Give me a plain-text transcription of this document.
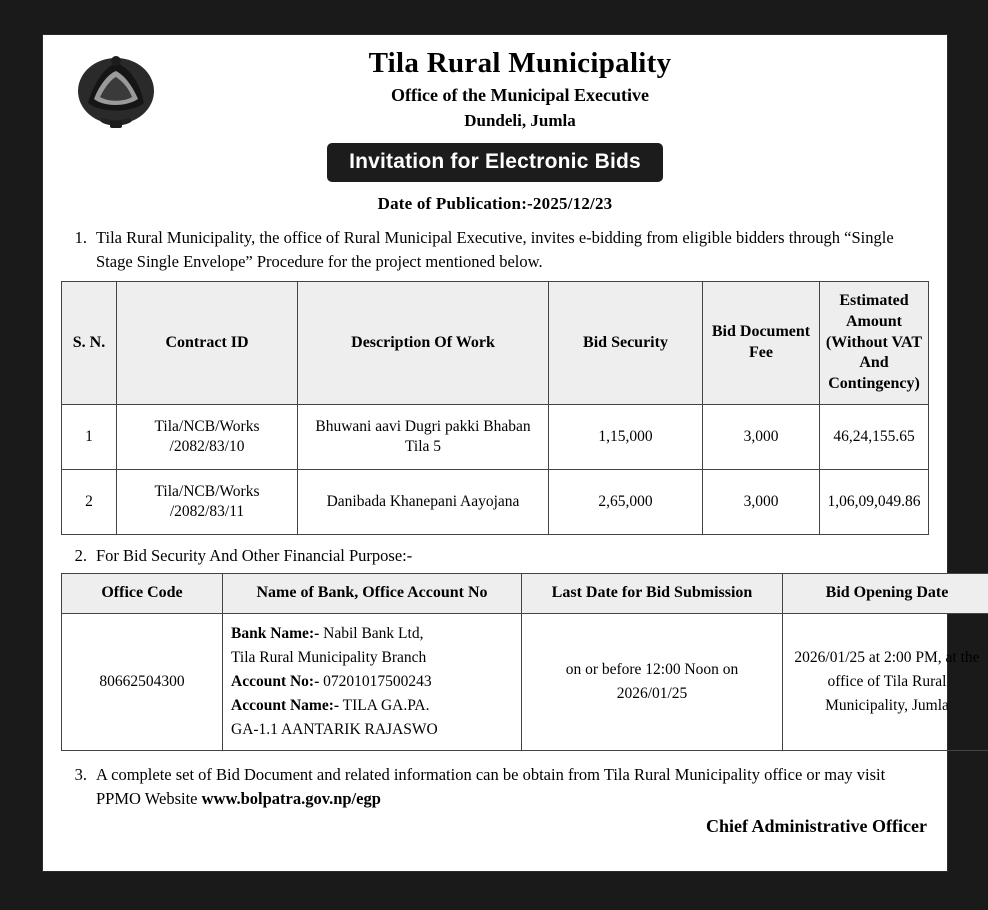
Tila Rural Municipality
Office of the Municipal Executive
Dundeli, Jumla
Invitation for Electronic Bids
Date of Publication:-2025/12/23
1. Tila Rural Municipality, the office of Rural Municipal Executive, invites e-bidding from eligible bidders through “Single Stage Single Envelope” Procedure for the project mentioned below.
S. N.	Contract ID	Description Of Work	Bid Security	Bid Document Fee	Estimated Amount (Without VAT And Contingency)
1	Tila/NCB/Works /2082/83/10	Bhuwani aavi Dugri pakki Bhaban Tila 5	1,15,000	3,000	46,24,155.65
2	Tila/NCB/Works /2082/83/11	Danibada Khanepani Aayojana	2,65,000	3,000	1,06,09,049.86
2. For Bid Security And Other Financial Purpose:-
Office Code	Name of Bank, Office Account No	Last Date for Bid Submission	Bid Opening Date
80662504300	Bank Name:- Nabil Bank Ltd,
Tila Rural Municipality Branch
Account No:- 07201017500243
Account Name:- TILA GA.PA.
GA-1.1 AANTARIK RAJASWO	on or before 12:00 Noon on 2026/01/25	2026/01/25 at 2:00 PM, at the office of Tila Rural Municipality, Jumla
3. A complete set of Bid Document and related information can be obtain from Tila Rural Municipality office or may visit PPMO Website www.bolpatra.gov.np/egp
Chief Administrative Officer
